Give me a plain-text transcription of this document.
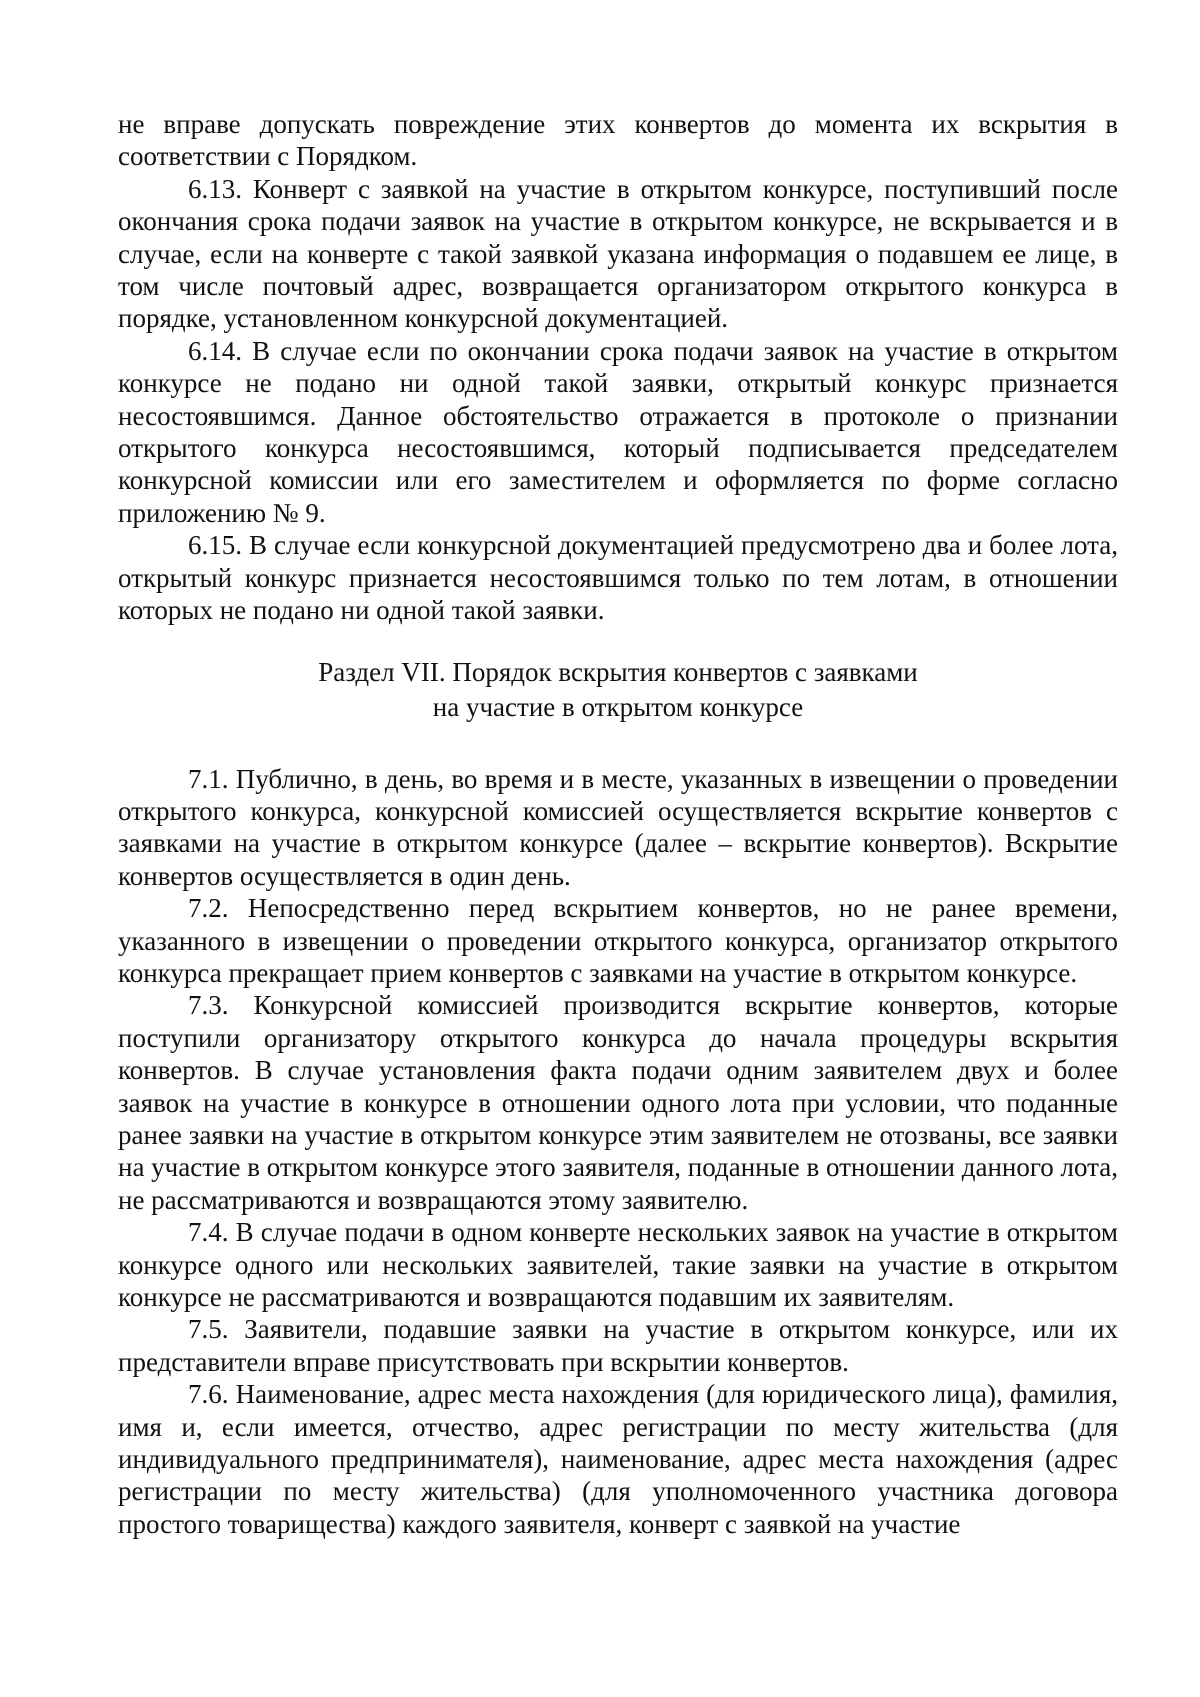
не вправе допускать повреждение этих конвертов до момента их вскрытия в соответствии с Порядком.

6.13. Конверт с заявкой на участие в открытом конкурсе, поступивший после окончания срока подачи заявок на участие в открытом конкурсе, не вскрывается и в случае, если на конверте с такой заявкой указана информация о подавшем ее лице, в том числе почтовый адрес, возвращается организатором открытого конкурса в порядке, установленном конкурсной документацией.

6.14. В случае если по окончании срока подачи заявок на участие в открытом конкурсе не подано ни одной такой заявки, открытый конкурс признается несостоявшимся. Данное обстоятельство отражается в протоколе о признании открытого конкурса несостоявшимся, который подписывается председателем конкурсной комиссии или его заместителем и оформляется по форме согласно приложению № 9.

6.15. В случае если конкурсной документацией предусмотрено два и более лота, открытый конкурс признается несостоявшимся только по тем лотам, в отношении которых не подано ни одной такой заявки.

Раздел VII. Порядок вскрытия конвертов с заявками

на участие в открытом конкурсе

7.1. Публично, в день, во время и в месте, указанных в извещении о проведении открытого конкурса, конкурсной комиссией осуществляется вскрытие конвертов с заявками на участие в открытом конкурсе (далее – вскрытие конвертов). Вскрытие конвертов осуществляется в один день.

7.2. Непосредственно перед вскрытием конвертов, но не ранее времени, указанного в извещении о проведении открытого конкурса, организатор открытого конкурса прекращает прием конвертов с заявками на участие в открытом конкурсе.

7.3. Конкурсной комиссией производится вскрытие конвертов, которые поступили организатору открытого конкурса до начала процедуры вскрытия конвертов. В случае установления факта подачи одним заявителем двух и более заявок на участие в конкурсе в отношении одного лота при условии, что поданные ранее заявки на участие в открытом конкурсе этим заявителем не отозваны, все заявки на участие в открытом конкурсе этого заявителя, поданные в отношении данного лота, не рассматриваются и возвращаются этому заявителю.

7.4. В случае подачи в одном конверте нескольких заявок на участие в открытом конкурсе одного или нескольких заявителей, такие заявки на участие в открытом конкурсе не рассматриваются и возвращаются подавшим их заявителям.

7.5. Заявители, подавшие заявки на участие в открытом конкурсе, или их представители вправе присутствовать при вскрытии конвертов.

7.6. Наименование, адрес места нахождения (для юридического лица), фамилия, имя и, если имеется, отчество, адрес регистрации по месту жительства (для индивидуального предпринимателя), наименование, адрес места нахождения (адрес регистрации по месту жительства) (для уполномоченного участника договора простого товарищества) каждого заявителя, конверт с заявкой на участие
